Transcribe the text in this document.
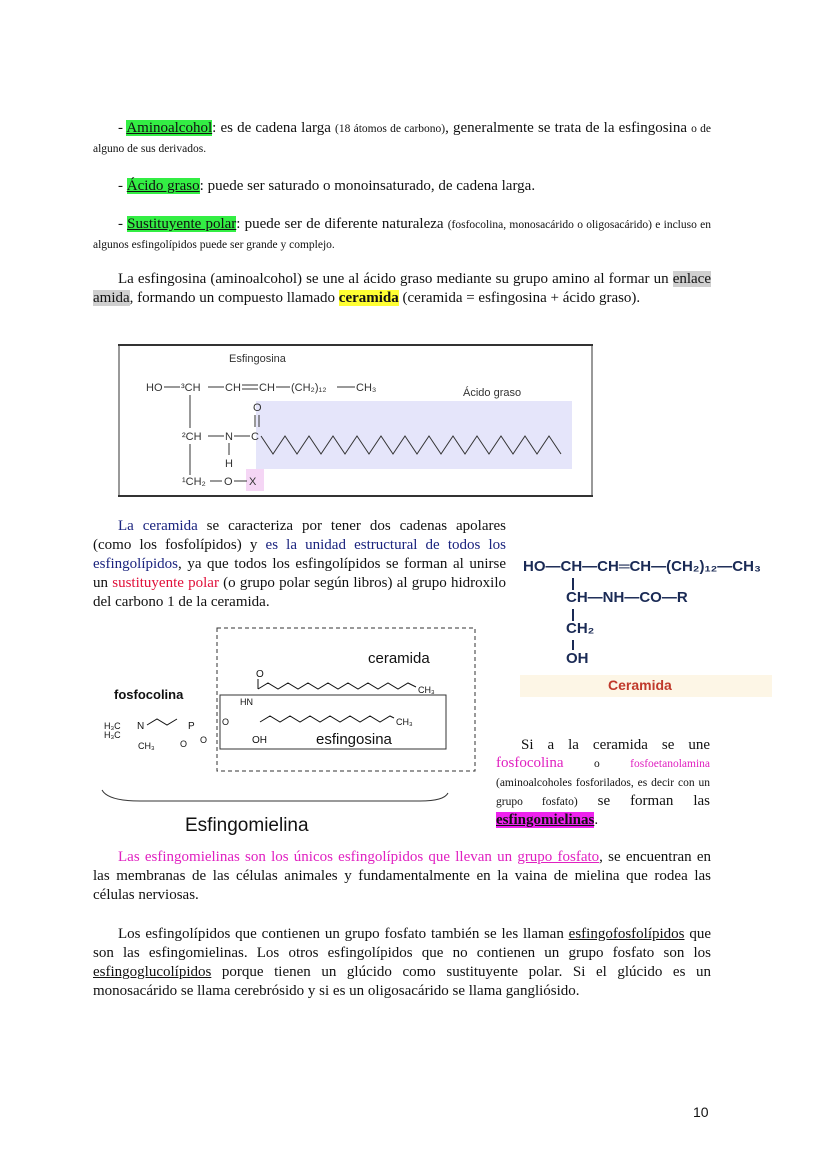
- Aminoalcohol: es de cadena larga (18 átomos de carbono), generalmente se trata de la esfingosina o de alguno de sus derivados.
- Ácido graso: puede ser saturado o monoinsaturado, de cadena larga.
- Sustituyente polar: puede ser de diferente naturaleza (fosfocolina, monosacárido o oligosacárido) e incluso en algunos esfingolípidos puede ser grande y complejo.
La esfingosina (aminoalcohol) se une al ácido graso mediante su grupo amino al formar un enlace amida, formando un compuesto llamado ceramida (ceramida = esfingosina + ácido graso).
Esfingosina
Ácido graso
HO ³CH CH CH (CH₂)₁₂	CH₃
O
²CH N C
H
¹CH₂ O X
La ceramida se caracteriza por tener dos cadenas apolares (como los fosfolípidos) y es la unidad estructural de todos los esfingolípidos, ya que todos los esfingolípidos se forman al unirse un sustituyente polar (o grupo polar según libros) al grupo hidroxilo del carbono 1 de la ceramida.
HO—CH—CH═CH—(CH₂)₁₂—CH₃
CH—NH—CO—R
CH₂
OH
Ceramida
ceramida
fosfocolina
O
CH₃
HN
CH₃
OH	esfingosina
H₃C
H₃C
N
CH₃
P
O O
O
Esfingomielina
Si a la ceramida se une fosfocolina o fosfoetanolamina (aminoalcoholes fosforilados, es decir con un grupo fosfato) se forman las esfingomielinas.
Las esfingomielinas son los únicos esfingolípidos que llevan un grupo fosfato, se encuentran en las membranas de las células animales y fundamentalmente en la vaina de mielina que rodea las células nerviosas.
Los esfingolípidos que contienen un grupo fosfato también se les llaman esfingofosfolípidos que son las esfingomielinas. Los otros esfingolípidos que no contienen un grupo fosfato son los esfingoglucolípidos porque tienen un glúcido como sustituyente polar. Si el glúcido es un monosacárido se llama cerebrósido y si es un oligosacárido se llama gangliósido.
10
